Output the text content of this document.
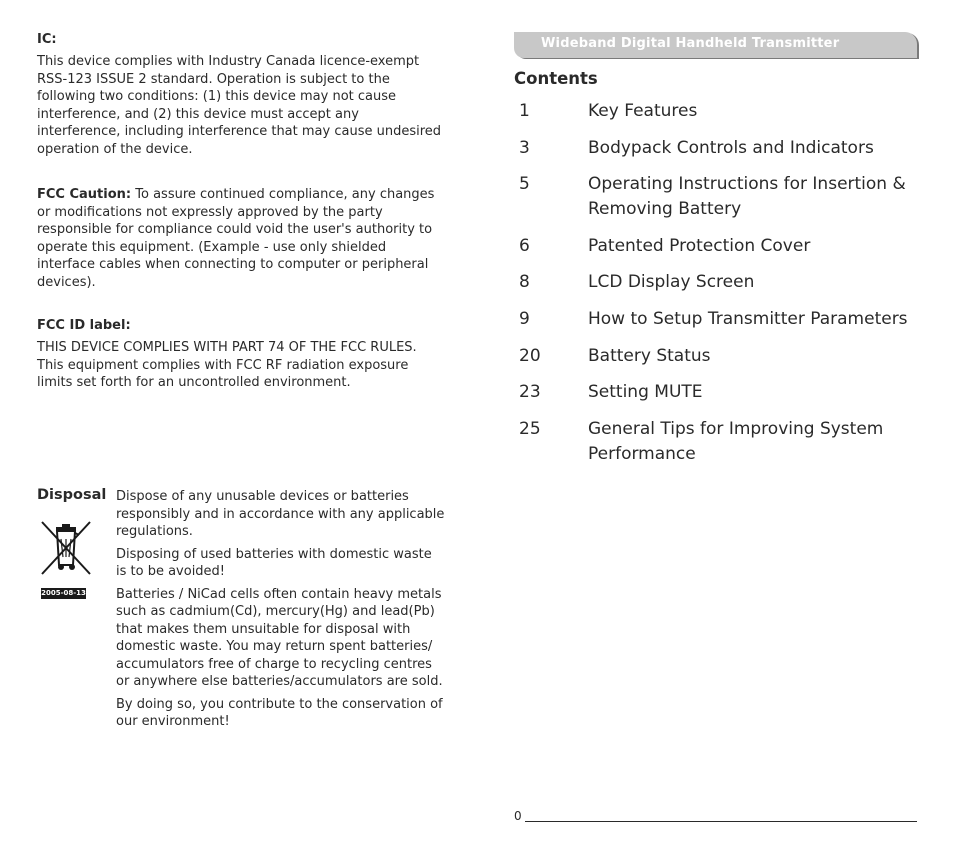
IC:

This device complies with Industry Canada licence-exempt RSS-123 ISSUE 2 standard. Operation is subject to the following two conditions: (1) this device may not cause interference, and (2) this device must accept any interference, including interference that may cause undesired operation of the device.

FCC Caution: To assure continued compliance, any changes or modifications not expressly approved by the party responsible for compliance could void the user's authority to operate this equipment. (Example - use only shielded interface cables when connecting to computer or peripheral devices).

FCC ID label:

THIS DEVICE COMPLIES WITH PART 74 OF THE FCC RULES. This equipment complies with FCC RF radiation exposure limits set forth for an uncontrolled environment.

Disposal
2005-08-13

Dispose of any unusable devices or batteries responsibly and in accordance with any applicable regulations.

Disposing of used batteries with domestic waste is to be avoided!

Batteries / NiCad cells often contain heavy metals such as cadmium(Cd), mercury(Hg) and lead(Pb) that makes them unsuitable for disposal with domestic waste. You may return spent batteries/ accumulators free of charge to recycling centres or anywhere else batteries/accumulators are sold.

By doing so, you contribute to the conservation of our environment!

Wideband Digital Handheld Transmitter
Contents
1	Key Features
3	Bodypack Controls and Indicators
5	Operating Instructions for Insertion & Removing Battery
6	Patented Protection Cover
8	LCD Display Screen
9	How to Setup Transmitter Parameters
20	Battery Status
23	Setting MUTE
25	General Tips for Improving System Performance
0
